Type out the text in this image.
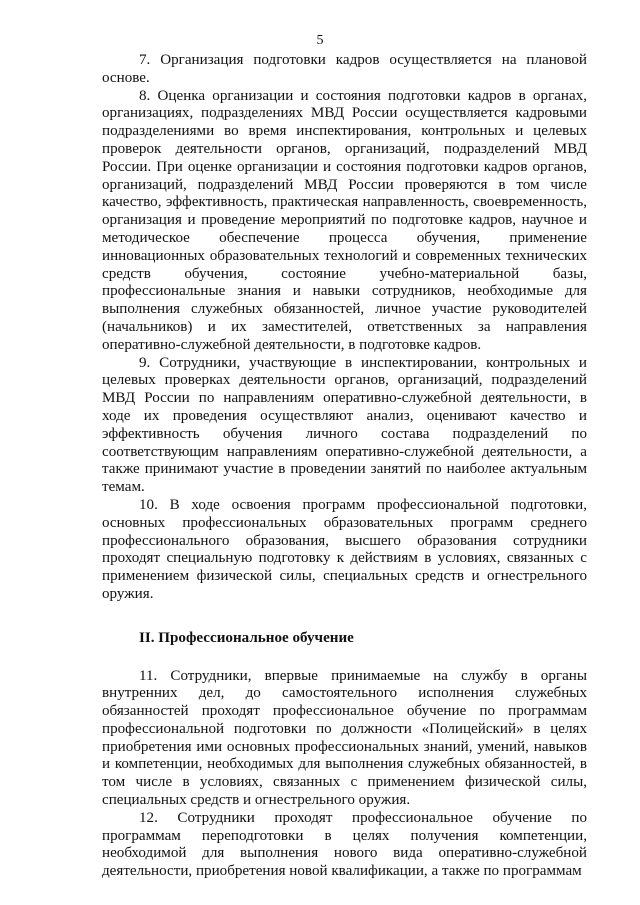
5

7. Организация подготовки кадров осуществляется на плановой основе.

8. Оценка организации и состояния подготовки кадров в органах, организациях, подразделениях МВД России осуществляется кадровыми подразделениями во время инспектирования, контрольных и целевых проверок деятельности органов, организаций, подразделений МВД России. При оценке организации и состояния подготовки кадров органов, организаций, подразделений МВД России проверяются в том числе качество, эффективность, практическая направленность, своевременность, организация и проведение мероприятий по подготовке кадров, научное и методическое обеспечение процесса обучения, применение инновационных образовательных технологий и современных технических средств обучения, состояние учебно-материальной базы, профессиональные знания и навыки сотрудников, необходимые для выполнения служебных обязанностей, личное участие руководителей (начальников) и их заместителей, ответственных за направления оперативно-служебной деятельности, в подготовке кадров.

9. Сотрудники, участвующие в инспектировании, контрольных и целевых проверках деятельности органов, организаций, подразделений МВД России по направлениям оперативно-служебной деятельности, в ходе их проведения осуществляют анализ, оценивают качество и эффективность обучения личного состава подразделений по соответствующим направлениям оперативно-служебной деятельности, а также принимают участие в проведении занятий по наиболее актуальным темам.

10. В ходе освоения программ профессиональной подготовки, основных профессиональных образовательных программ среднего профессионального образования, высшего образования сотрудники проходят специальную подготовку к действиям в условиях, связанных с применением физической силы, специальных средств и огнестрельного оружия.

II. Профессиональное обучение

11. Сотрудники, впервые принимаемые на службу в органы внутренних дел, до самостоятельного исполнения служебных обязанностей проходят профессиональное обучение по программам профессиональной подготовки по должности «Полицейский» в целях приобретения ими основных профессиональных знаний, умений, навыков и компетенции, необходимых для выполнения служебных обязанностей, в том числе в условиях, связанных с применением физической силы, специальных средств и огнестрельного оружия.

12. Сотрудники проходят профессиональное обучение по программам переподготовки в целях получения компетенции, необходимой для выполнения нового вида оперативно-служебной деятельности, приобретения новой квалификации, а также по программам
